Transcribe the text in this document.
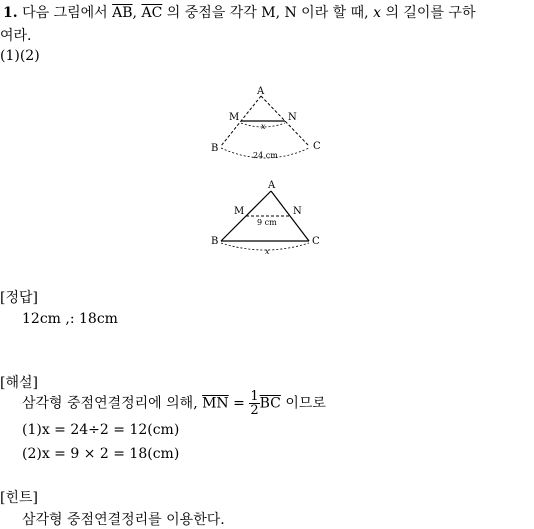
1. 다음 그림에서 $\overline{AB}$, $\overline{AC}$ 의 중점을 각각 M, N 이라 할 때, x 의 길이를 구하
여라.
(1)(2)
A
M	N
B	C
x
24 cm
A
M	N
B	C
9 cm
x
[정답]
12cm ,: 18cm
[해설]
삼각형 중점연결정리에 의해, $\overline{MN} = \frac{1}{2} \overline{BC}$ 이므로
(1)x = 24÷2 = 12(cm)
(2)x = 9 × 2 = 18(cm)
[힌트]
삼각형 중점연결정리를 이용한다.
